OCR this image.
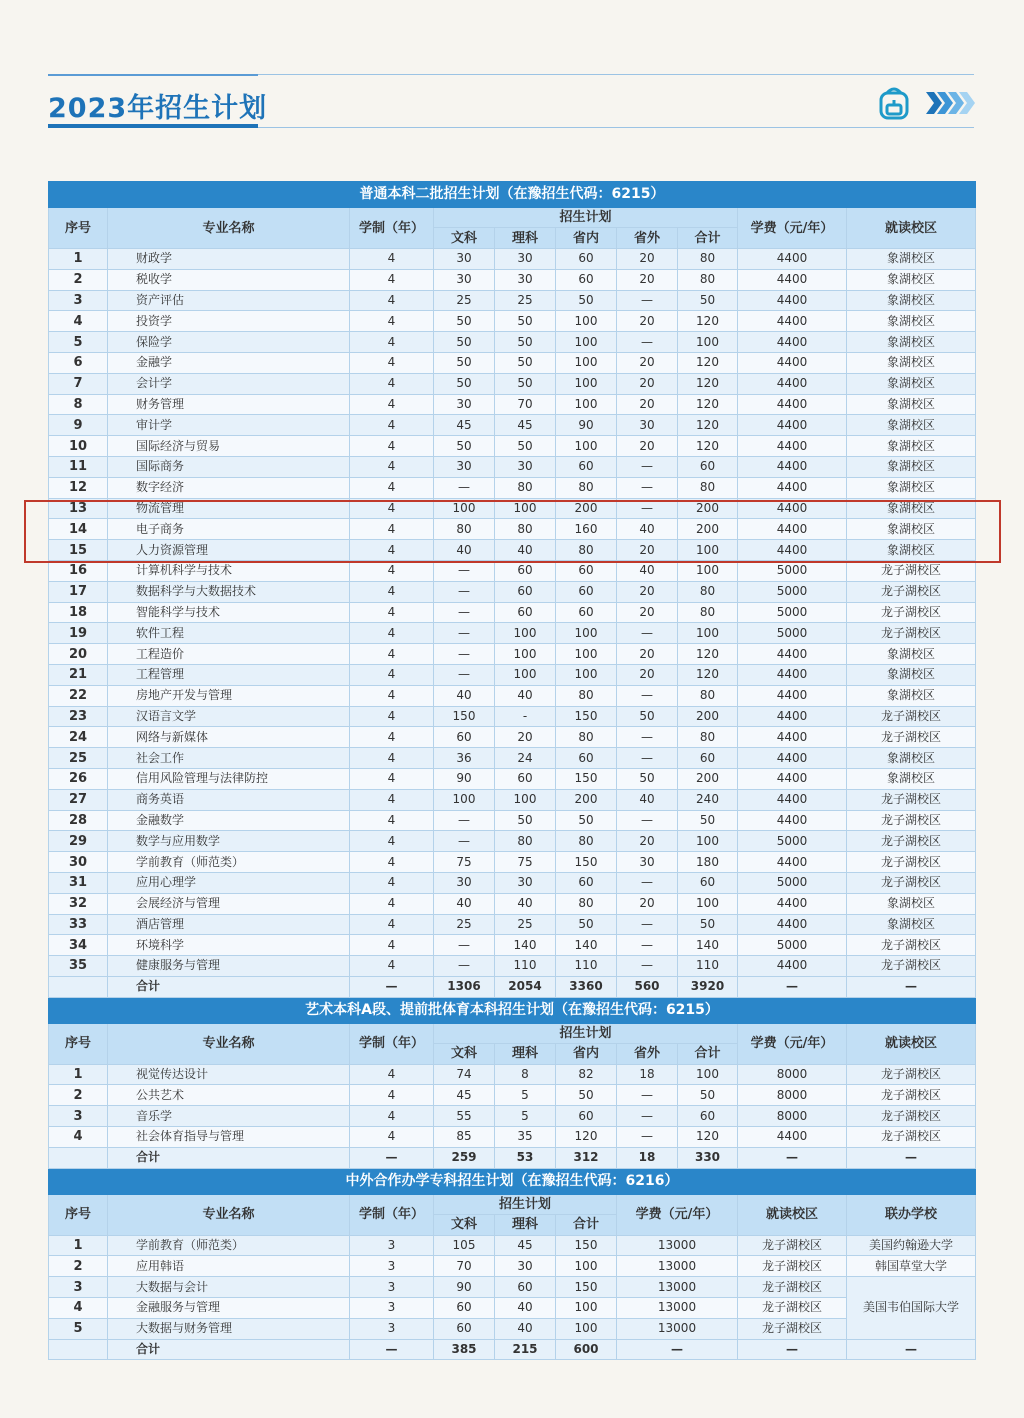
2023年招生计划
普通本科二批招生计划（在豫招生代码：6215）									
序号	专业名称	学制（年）	招生计划					学费（元/年）	就读校区
			文科	理科	省内	省外	合计		
1	财政学	4	30	30	60	20	80	4400	象湖校区
2	税收学	4	30	30	60	20	80	4400	象湖校区
3	资产评估	4	25	25	50	—	50	4400	象湖校区
4	投资学	4	50	50	100	20	120	4400	象湖校区
5	保险学	4	50	50	100	—	100	4400	象湖校区
6	金融学	4	50	50	100	20	120	4400	象湖校区
7	会计学	4	50	50	100	20	120	4400	象湖校区
8	财务管理	4	30	70	100	20	120	4400	象湖校区
9	审计学	4	45	45	90	30	120	4400	象湖校区
10	国际经济与贸易	4	50	50	100	20	120	4400	象湖校区
11	国际商务	4	30	30	60	—	60	4400	象湖校区
12	数字经济	4	—	80	80	—	80	4400	象湖校区
13	物流管理	4	100	100	200	—	200	4400	象湖校区
14	电子商务	4	80	80	160	40	200	4400	象湖校区
15	人力资源管理	4	40	40	80	20	100	4400	象湖校区
16	计算机科学与技术	4	—	60	60	40	100	5000	龙子湖校区
17	数据科学与大数据技术	4	—	60	60	20	80	5000	龙子湖校区
18	智能科学与技术	4	—	60	60	20	80	5000	龙子湖校区
19	软件工程	4	—	100	100	—	100	5000	龙子湖校区
20	工程造价	4	—	100	100	20	120	4400	象湖校区
21	工程管理	4	—	100	100	20	120	4400	象湖校区
22	房地产开发与管理	4	40	40	80	—	80	4400	象湖校区
23	汉语言文学	4	150	-	150	50	200	4400	龙子湖校区
24	网络与新媒体	4	60	20	80	—	80	4400	龙子湖校区
25	社会工作	4	36	24	60	—	60	4400	象湖校区
26	信用风险管理与法律防控	4	90	60	150	50	200	4400	象湖校区
27	商务英语	4	100	100	200	40	240	4400	龙子湖校区
28	金融数学	4	—	50	50	—	50	4400	龙子湖校区
29	数学与应用数学	4	—	80	80	20	100	5000	龙子湖校区
30	学前教育（师范类）	4	75	75	150	30	180	4400	龙子湖校区
31	应用心理学	4	30	30	60	—	60	5000	龙子湖校区
32	会展经济与管理	4	40	40	80	20	100	4400	象湖校区
33	酒店管理	4	25	25	50	—	50	4400	象湖校区
34	环境科学	4	—	140	140	—	140	5000	龙子湖校区
35	健康服务与管理	4	—	110	110	—	110	4400	龙子湖校区
	合计	—	1306	2054	3360	560	3920	—	—
艺术本科A段、提前批体育本科招生计划（在豫招生代码：6215）									
序号	专业名称	学制（年）	招生计划					学费（元/年）	就读校区
			文科	理科	省内	省外	合计		
1	视觉传达设计	4	74	8	82	18	100	8000	龙子湖校区
2	公共艺术	4	45	5	50	—	50	8000	龙子湖校区
3	音乐学	4	55	5	60	—	60	8000	龙子湖校区
4	社会体育指导与管理	4	85	35	120	—	120	4400	龙子湖校区
	合计	—	259	53	312	18	330	—	—
中外合作办学专科招生计划（在豫招生代码：6216）									
序号	专业名称	学制（年）	招生计划			学费（元/年）		就读校区	联办学校
			文科	理科	合计				
1	学前教育（师范类）	3	105	45	150	13000		龙子湖校区	美国约翰逊大学
2	应用韩语	3	70	30	100	13000		龙子湖校区	韩国草堂大学
3	大数据与会计	3	90	60	150	13000		龙子湖校区	美国韦伯国际大学
4	金融服务与管理	3	60	40	100	13000		龙子湖校区	
5	大数据与财务管理	3	60	40	100	13000		龙子湖校区	
	合计	—	385	215	600	—		—	—
